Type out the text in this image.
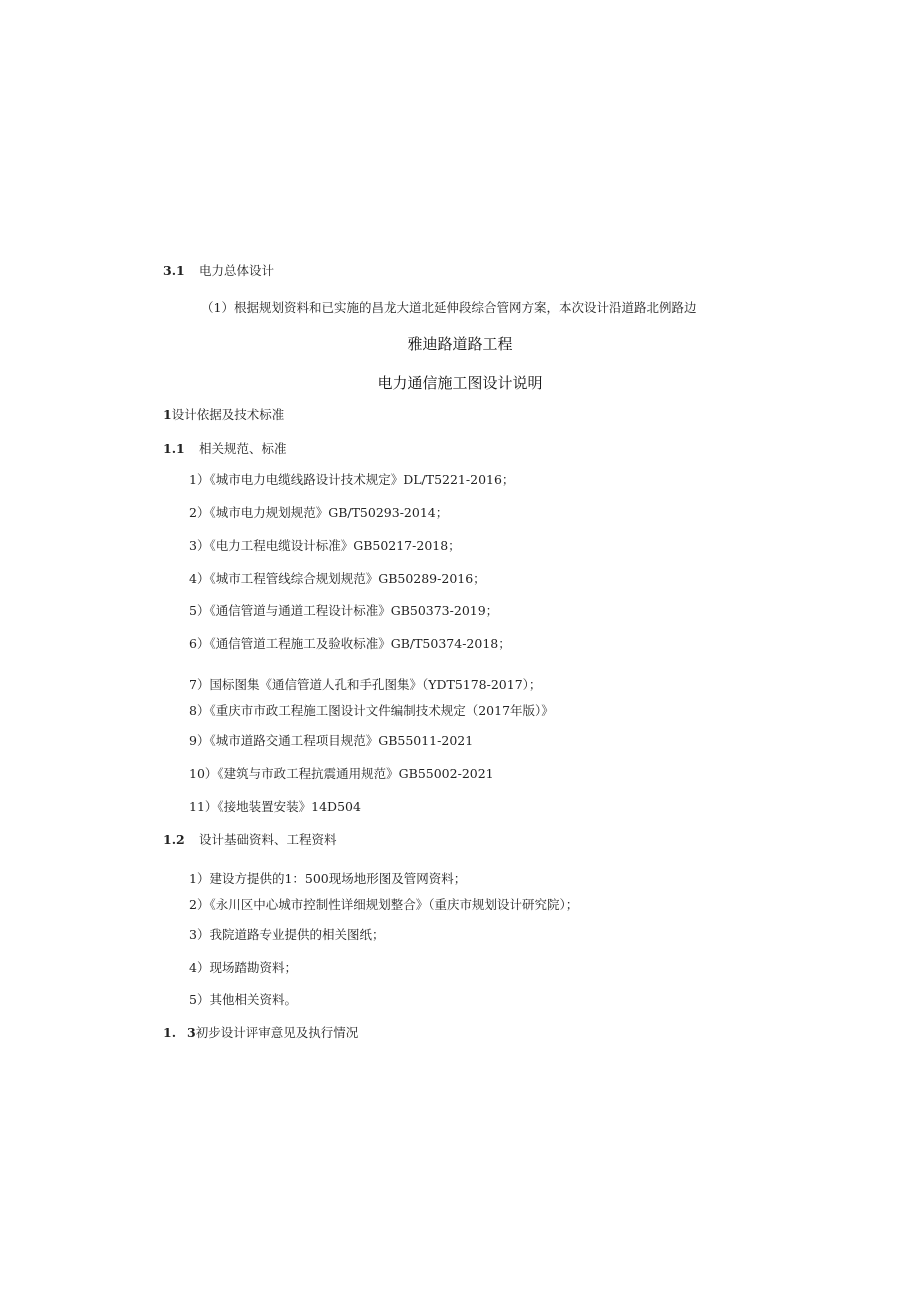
3.1 电力总体设计
（1）根据规划资料和已实施的昌龙大道北延伸段综合管网方案，本次设计沿道路北例路边
雅迪路道路工程
电力通信施工图设计说明
1设计依据及技术标准
1.1 相关规范、标准
1）《城市电力电缆线路设计技术规定》DL/T5221-2016；
2）《城市电力规划规范》GB/T50293-2014；
3）《电力工程电缆设计标准》GB50217-2018；
4）《城市工程管线综合规划规范》GB50289-2016；
5）《通信管道与通道工程设计标准》GB50373-2019；
6）《通信管道工程施工及验收标准》GB/T50374-2018；
7）国标图集《通信管道人孔和手孔图集》（YDT5178-2017）；
8）《重庆市市政工程施工图设计文件编制技术规定（2017年版）》
9）《城市道路交通工程项目规范》GB55011-2021
10）《建筑与市政工程抗震通用规范》GB55002-2021
11）《接地装置安装》14D504
1.2 设计基础资料、工程资料
1）建设方提供的1：500现场地形图及管网资料；
2）《永川区中心城市控制性详细规划整合》（重庆市规划设计研究院）；
3）我院道路专业提供的相关图纸；
4）现场踏勘资料；
5）其他相关资料。
1. 3初步设计评审意见及执行情况
